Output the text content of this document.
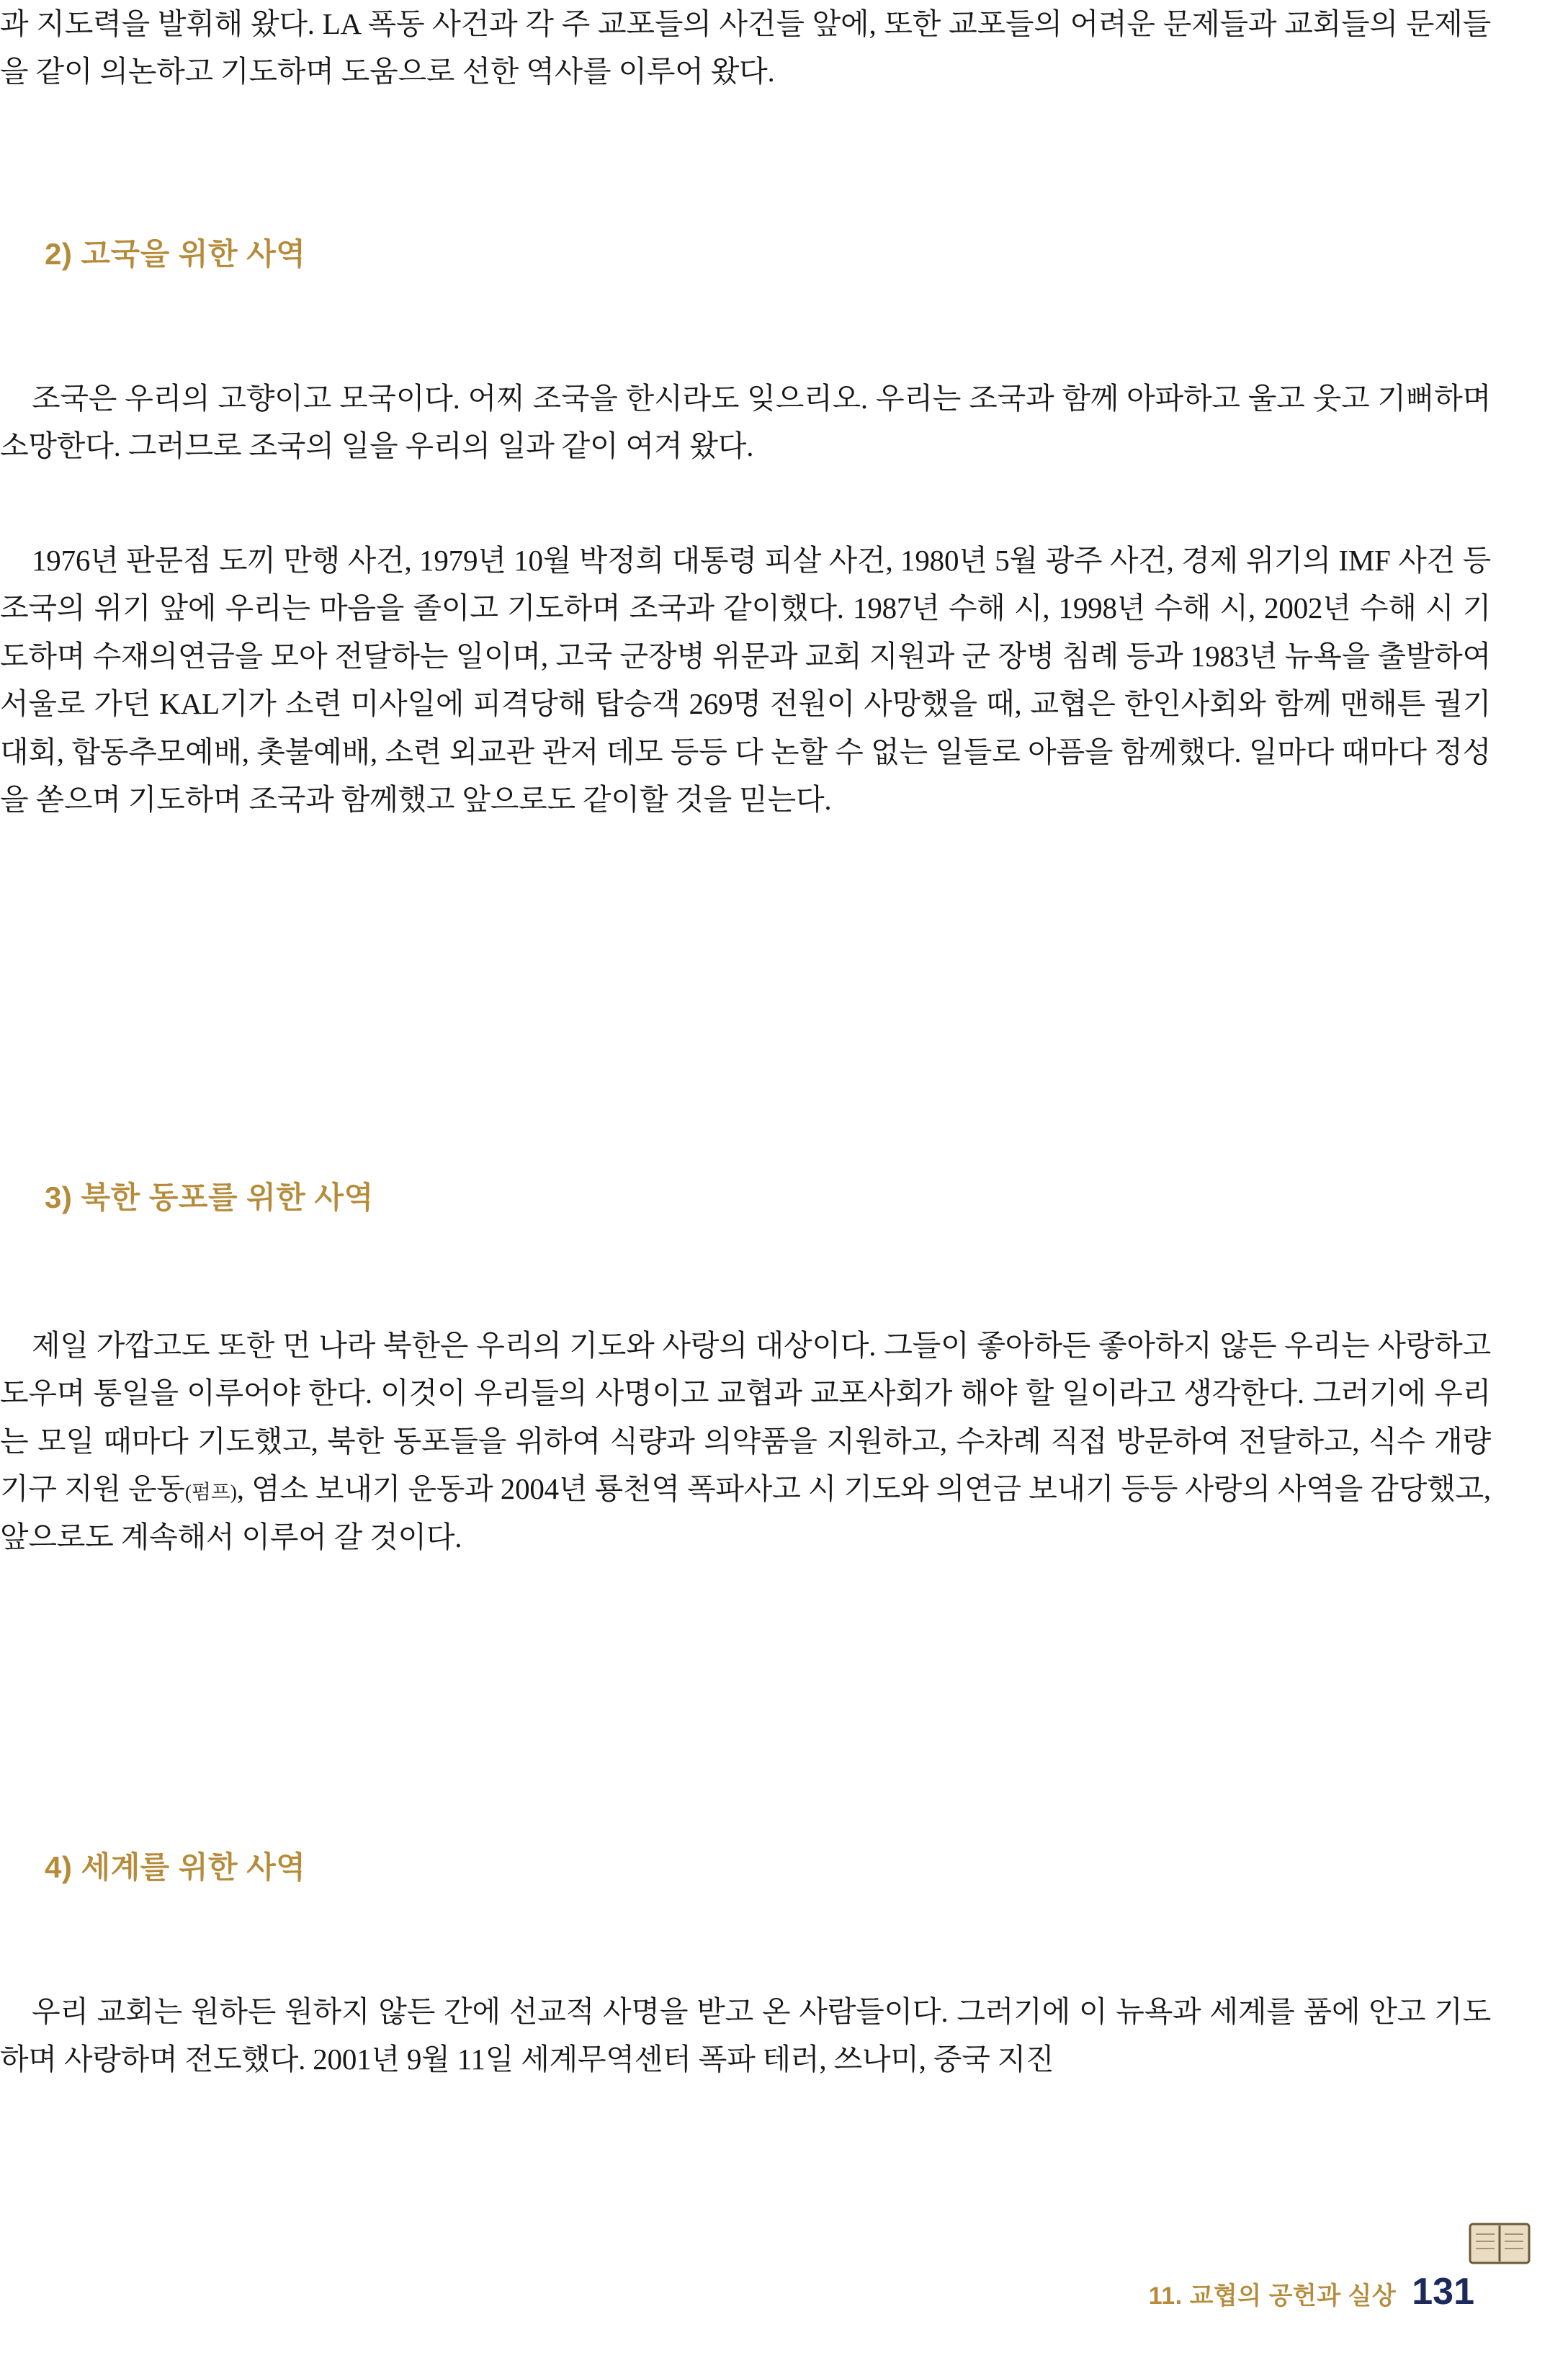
과 지도력을 발휘해 왔다. LA 폭동 사건과 각 주 교포들의 사건들 앞에, 또한 교포들의 어려운 문제들과 교회들의 문제들을 같이 의논하고 기도하며 도움으로 선한 역사를 이루어 왔다.

2) 고국을 위한 사역

조국은 우리의 고향이고 모국이다. 어찌 조국을 한시라도 잊으리오. 우리는 조국과 함께 아파하고 울고 웃고 기뻐하며 소망한다. 그러므로 조국의 일을 우리의 일과 같이 여겨 왔다.

1976년 판문점 도끼 만행 사건, 1979년 10월 박정희 대통령 피살 사건, 1980년 5월 광주 사건, 경제 위기의 IMF 사건 등 조국의 위기 앞에 우리는 마음을 졸이고 기도하며 조국과 같이했다. 1987년 수해 시, 1998년 수해 시, 2002년 수해 시 기도하며 수재의연금을 모아 전달하는 일이며, 고국 군장병 위문과 교회 지원과 군 장병 침례 등과 1983년 뉴욕을 출발하여 서울로 가던 KAL기가 소련 미사일에 피격당해 탑승객 269명 전원이 사망했을 때, 교협은 한인사회와 함께 맨해튼 궐기대회, 합동추모예배, 촛불예배, 소련 외교관 관저 데모 등등 다 논할 수 없는 일들로 아픔을 함께했다. 일마다 때마다 정성을 쏟으며 기도하며 조국과 함께했고 앞으로도 같이할 것을 믿는다.

3) 북한 동포를 위한 사역

제일 가깝고도 또한 먼 나라 북한은 우리의 기도와 사랑의 대상이다. 그들이 좋아하든 좋아하지 않든 우리는 사랑하고 도우며 통일을 이루어야 한다. 이것이 우리들의 사명이고 교협과 교포사회가 해야 할 일이라고 생각한다. 그러기에 우리는 모일 때마다 기도했고, 북한 동포들을 위하여 식량과 의약품을 지원하고, 수차례 직접 방문하여 전달하고, 식수 개량 기구 지원 운동(펌프), 염소 보내기 운동과 2004년 룡천역 폭파사고 시 기도와 의연금 보내기 등등 사랑의 사역을 감당했고, 앞으로도 계속해서 이루어 갈 것이다.

4) 세계를 위한 사역

우리 교회는 원하든 원하지 않든 간에 선교적 사명을 받고 온 사람들이다. 그러기에 이 뉴욕과 세계를 품에 안고 기도하며 사랑하며 전도했다. 2001년 9월 11일 세계무역센터 폭파 테러, 쓰나미, 중국 지진

11. 교협의 공헌과 실상 131
